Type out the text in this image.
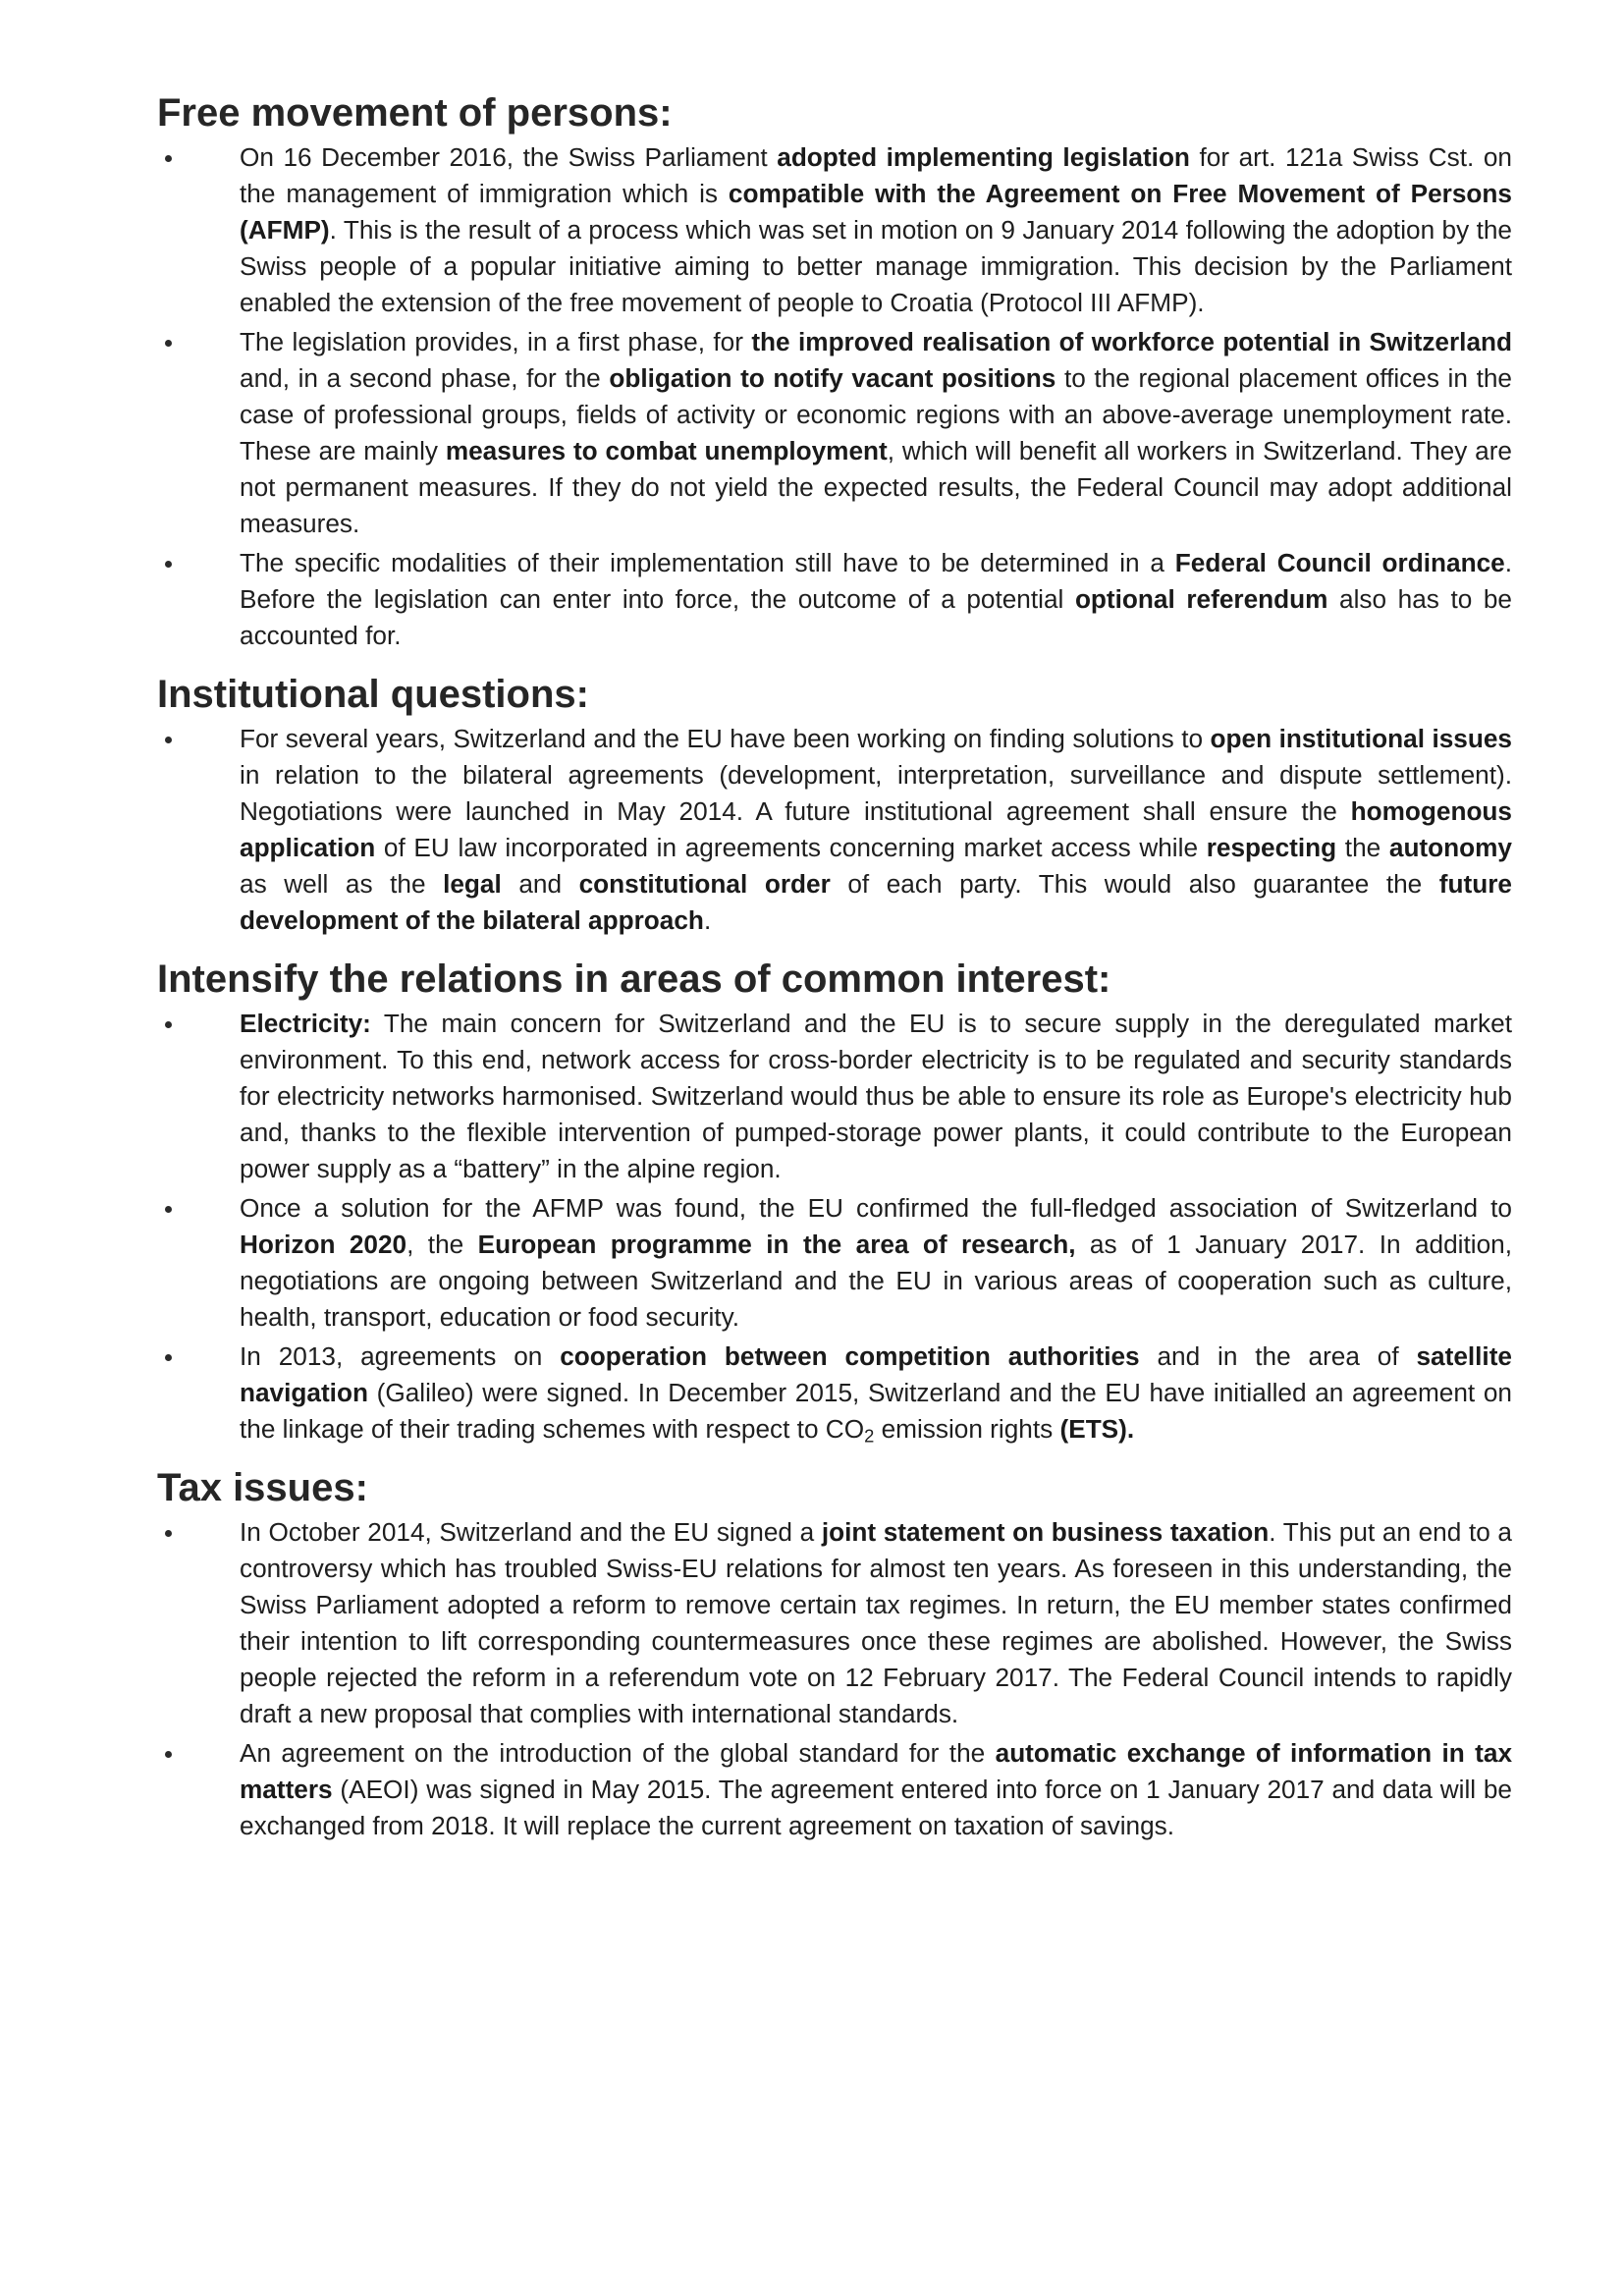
Free movement of persons:
On 16 December 2016, the Swiss Parliament adopted implementing legislation for art. 121a Swiss Cst. on the management of immigration which is compatible with the Agreement on Free Movement of Persons (AFMP). This is the result of a process which was set in motion on 9 January 2014 following the adoption by the Swiss people of a popular initiative aiming to better manage immigration. This decision by the Parliament enabled the extension of the free movement of people to Croatia (Protocol III AFMP).
The legislation provides, in a first phase, for the improved realisation of workforce potential in Switzerland and, in a second phase, for the obligation to notify vacant positions to the regional placement offices in the case of professional groups, fields of activity or economic regions with an above-average unemployment rate. These are mainly measures to combat unemployment, which will benefit all workers in Switzerland. They are not permanent measures. If they do not yield the expected results, the Federal Council may adopt additional measures.
The specific modalities of their implementation still have to be determined in a Federal Council ordinance. Before the legislation can enter into force, the outcome of a potential optional referendum also has to be accounted for.
Institutional questions:
For several years, Switzerland and the EU have been working on finding solutions to open institutional issues in relation to the bilateral agreements (development, interpretation, surveillance and dispute settlement). Negotiations were launched in May 2014. A future institutional agreement shall ensure the homogenous application of EU law incorporated in agreements concerning market access while respecting the autonomy as well as the legal and constitutional order of each party. This would also guarantee the future development of the bilateral approach.
Intensify the relations in areas of common interest:
Electricity: The main concern for Switzerland and the EU is to secure supply in the deregulated market environment. To this end, network access for cross-border electricity is to be regulated and security standards for electricity networks harmonised. Switzerland would thus be able to ensure its role as Europe's electricity hub and, thanks to the flexible intervention of pumped-storage power plants, it could contribute to the European power supply as a “battery” in the alpine region.
Once a solution for the AFMP was found, the EU confirmed the full-fledged association of Switzerland to Horizon 2020, the European programme in the area of research, as of 1 January 2017. In addition, negotiations are ongoing between Switzerland and the EU in various areas of cooperation such as culture, health, transport, education or food security.
In 2013, agreements on cooperation between competition authorities and in the area of satellite navigation (Galileo) were signed. In December 2015, Switzerland and the EU have initialled an agreement on the linkage of their trading schemes with respect to $CO_2$ emission rights (ETS).
Tax issues:
In October 2014, Switzerland and the EU signed a joint statement on business taxation. This put an end to a controversy which has troubled Swiss-EU relations for almost ten years. As foreseen in this understanding, the Swiss Parliament adopted a reform to remove certain tax regimes. In return, the EU member states confirmed their intention to lift corresponding countermeasures once these regimes are abolished. However, the Swiss people rejected the reform in a referendum vote on 12 February 2017. The Federal Council intends to rapidly draft a new proposal that complies with international standards.
An agreement on the introduction of the global standard for the automatic exchange of information in tax matters (AEOI) was signed in May 2015. The agreement entered into force on 1 January 2017 and data will be exchanged from 2018. It will replace the current agreement on taxation of savings.
